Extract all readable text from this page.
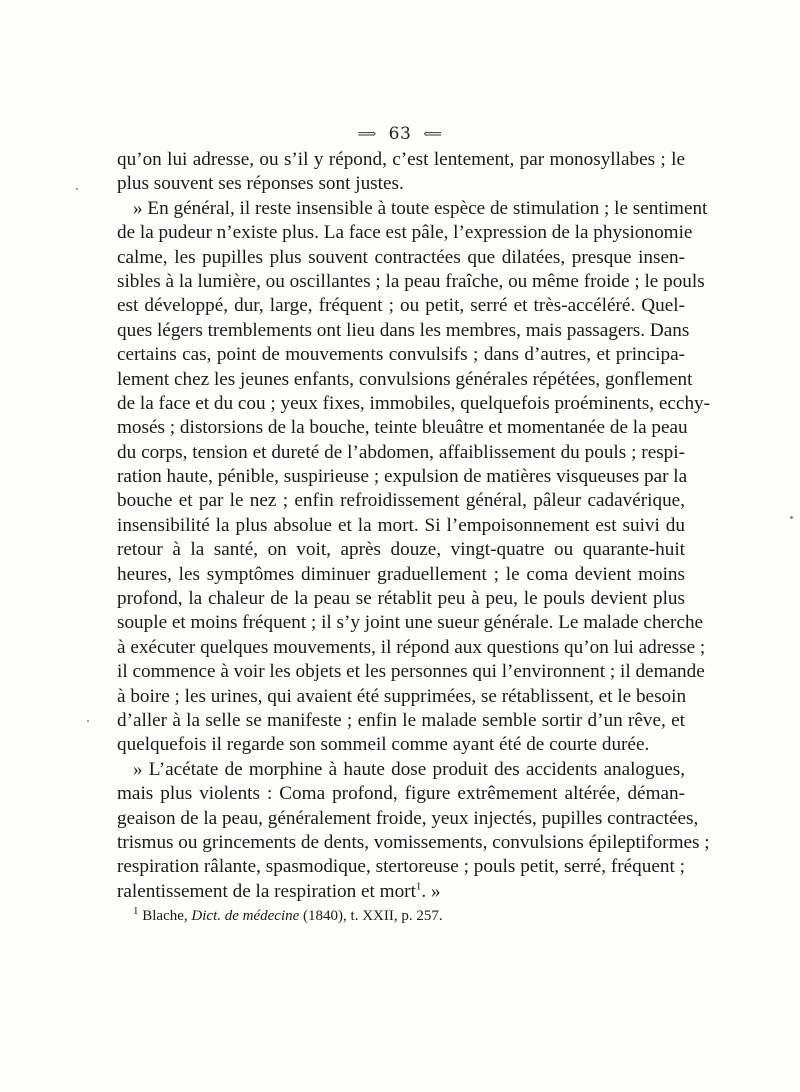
⟹ 63 ⟸
qu’on lui adresse, ou s’il y répond, c’est lentement, par monosyllabes ; le
plus souvent ses réponses sont justes.
» En général, il reste insensible à toute espèce de stimulation ; le sentiment
de la pudeur n’existe plus. La face est pâle, l’expression de la physionomie
calme, les pupilles plus souvent contractées que dilatées, presque insen-
sibles à la lumière, ou oscillantes ; la peau fraîche, ou même froide ; le pouls
est développé, dur, large, fréquent ; ou petit, serré et très-accéléré. Quel-
ques légers tremblements ont lieu dans les membres, mais passagers. Dans
certains cas, point de mouvements convulsifs ; dans d’autres, et principa-
lement chez les jeunes enfants, convulsions générales répétées, gonflement
de la face et du cou ; yeux fixes, immobiles, quelquefois proéminents, ecchy-
mosés ; distorsions de la bouche, teinte bleuâtre et momentanée de la peau
du corps, tension et dureté de l’abdomen, affaiblissement du pouls ; respi-
ration haute, pénible, suspirieuse ; expulsion de matières visqueuses par la
bouche et par le nez ; enfin refroidissement général, pâleur cadavérique,
insensibilité la plus absolue et la mort. Si l’empoisonnement est suivi du
retour à la santé, on voit, après douze, vingt-quatre ou quarante-huit
heures, les symptômes diminuer graduellement ; le coma devient moins
profond, la chaleur de la peau se rétablit peu à peu, le pouls devient plus
souple et moins fréquent ; il s’y joint une sueur générale. Le malade cherche
à exécuter quelques mouvements, il répond aux questions qu’on lui adresse ;
il commence à voir les objets et les personnes qui l’environnent ; il demande
à boire ; les urines, qui avaient été supprimées, se rétablissent, et le besoin
d’aller à la selle se manifeste ; enfin le malade semble sortir d’un rêve, et
quelquefois il regarde son sommeil comme ayant été de courte durée.
» L’acétate de morphine à haute dose produit des accidents analogues,
mais plus violents : Coma profond, figure extrêmement altérée, déman-
geaison de la peau, généralement froide, yeux injectés, pupilles contractées,
trismus ou grincements de dents, vomissements, convulsions épileptiformes ;
respiration râlante, spasmodique, stertoreuse ; pouls petit, serré, fréquent ;
ralentissement de la respiration et mort$^1$. »
$^1$ Blache, Dict. de médecine (1840), t. XXII, p. 257.
